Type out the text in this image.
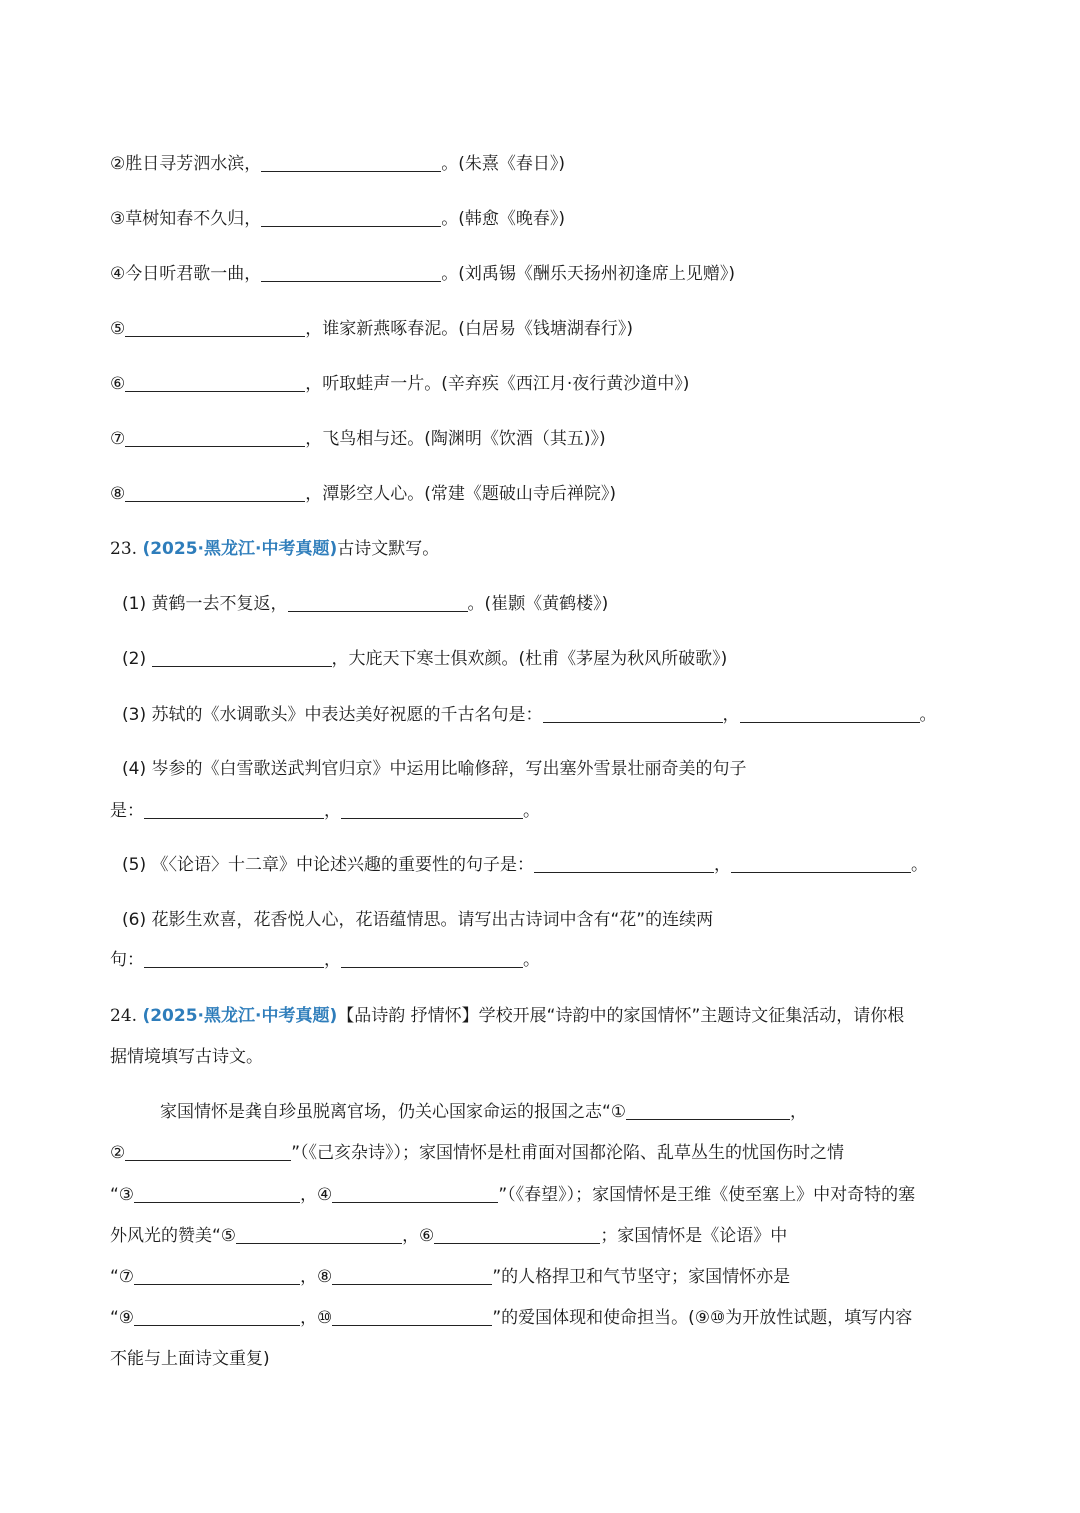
②胜日寻芳泗水滨，	。(朱熹《春日》)
③草树知春不久归，	。(韩愈《晚春》)
④今日听君歌一曲，	。(刘禹锡《酬乐天扬州初逢席上见赠》)
⑤	，谁家新燕啄春泥。(白居易《钱塘湖春行》)
⑥	，听取蛙声一片。(辛弃疾《西江月·夜行黄沙道中》)
⑦	，飞鸟相与还。(陶渊明《饮酒（其五)》)
⑧	，潭影空人心。(常建《题破山寺后禅院》)
23. (2025·黑龙江·中考真题)古诗文默写。
(1) 黄鹤一去不复返，	。(崔颢《黄鹤楼》)
(2)	，大庇天下寒士俱欢颜。(杜甫《茅屋为秋风所破歌》)
(3) 苏轼的《水调歌头》中表达美好祝愿的千古名句是：	，	。
(4) 岑参的《白雪歌送武判官归京》中运用比喻修辞，写出塞外雪景壮丽奇美的句子
是：	，	。
(5) 《〈论语〉十二章》中论述兴趣的重要性的句子是：	，	。
(6) 花影生欢喜，花香悦人心，花语蕴情思。请写出古诗词中含有“花”的连续两
句：	，	。
24. (2025·黑龙江·中考真题)【品诗韵 抒情怀】学校开展“诗韵中的家国情怀”主题诗文征集活动，请你根
据情境填写古诗文。
家国情怀是龚自珍虽脱离官场，仍关心国家命运的报国之志“①	，
②	”（《己亥杂诗》）；家国情怀是杜甫面对国都沦陷、乱草丛生的忧国伤时之情
“③	，④	”（《春望》）；家国情怀是王维《使至塞上》中对奇特的塞
外风光的赞美“⑤	，⑥	；家国情怀是《论语》中
“⑦	，⑧	”的人格捍卫和气节坚守；家国情怀亦是
“⑨	，⑩	”的爱国体现和使命担当。(⑨⑩为开放性试题，填写内容
不能与上面诗文重复)
